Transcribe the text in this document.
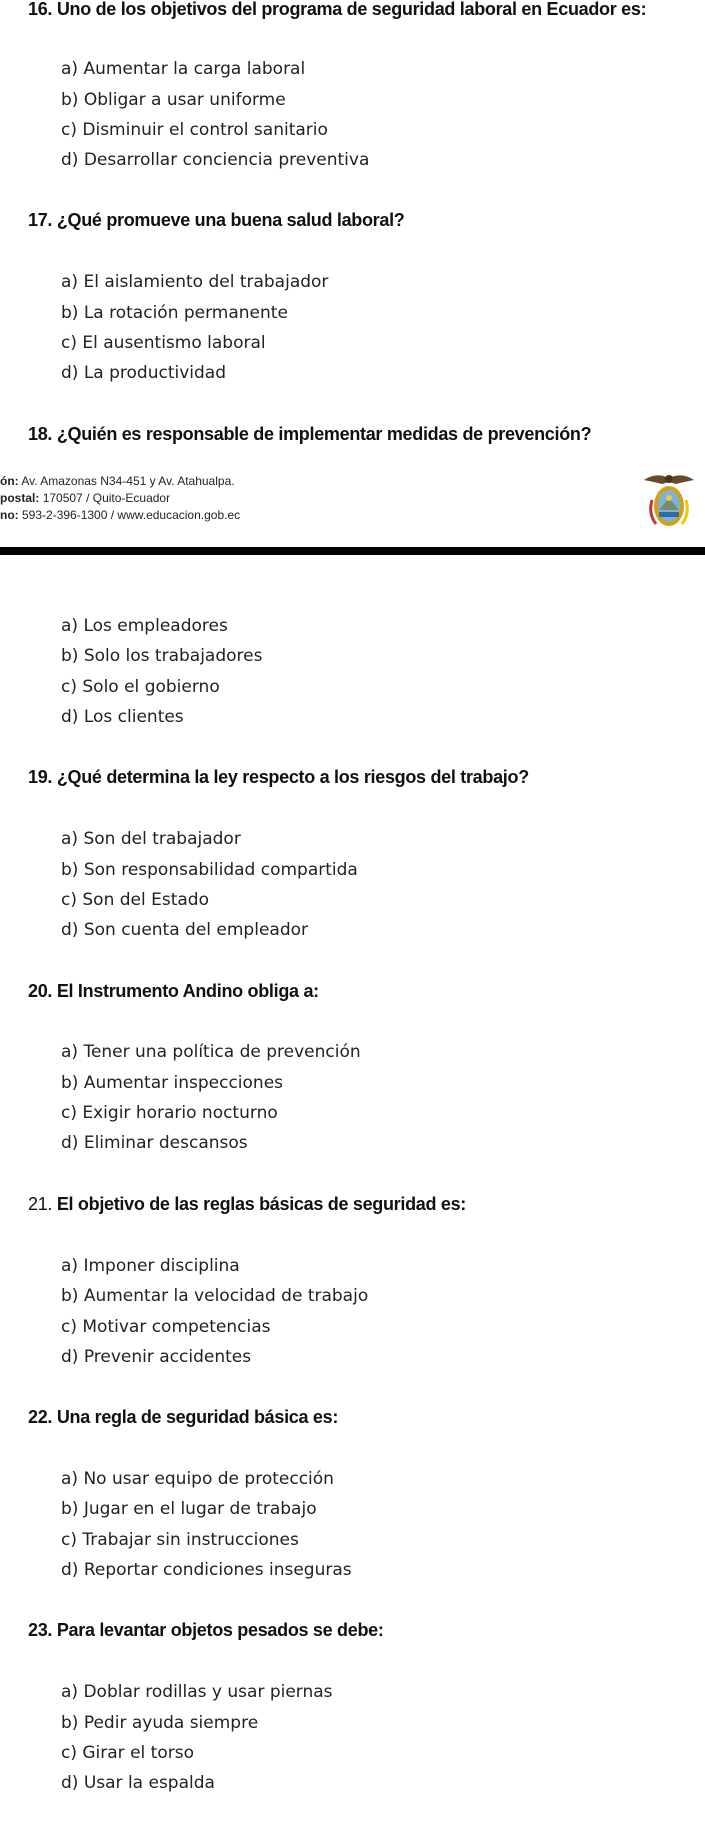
16. Uno de los objetivos del programa de seguridad laboral en Ecuador es:
a) Aumentar la carga laboral
b) Obligar a usar uniforme
c) Disminuir el control sanitario
d) Desarrollar conciencia preventiva
17. ¿Qué promueve una buena salud laboral?
a) El aislamiento del trabajador
b) La rotación permanente
c) El ausentismo laboral
d) La productividad
18. ¿Quién es responsable de implementar medidas de prevención?
ón: Av. Amazonas N34-451 y Av. Atahualpa.
postal: 170507 / Quito-Ecuador
no: 593-2-396-1300 / www.educacion.gob.ec
a) Los empleadores
b) Solo los trabajadores
c) Solo el gobierno
d) Los clientes
19. ¿Qué determina la ley respecto a los riesgos del trabajo?
a) Son del trabajador
b) Son responsabilidad compartida
c) Son del Estado
d) Son cuenta del empleador
20. El Instrumento Andino obliga a:
a) Tener una política de prevención
b) Aumentar inspecciones
c) Exigir horario nocturno
d) Eliminar descansos
21. El objetivo de las reglas básicas de seguridad es:
a) Imponer disciplina
b) Aumentar la velocidad de trabajo
c) Motivar competencias
d) Prevenir accidentes
22. Una regla de seguridad básica es:
a) No usar equipo de protección
b) Jugar en el lugar de trabajo
c) Trabajar sin instrucciones
d) Reportar condiciones inseguras
23. Para levantar objetos pesados se debe:
a) Doblar rodillas y usar piernas
b) Pedir ayuda siempre
c) Girar el torso
d) Usar la espalda
